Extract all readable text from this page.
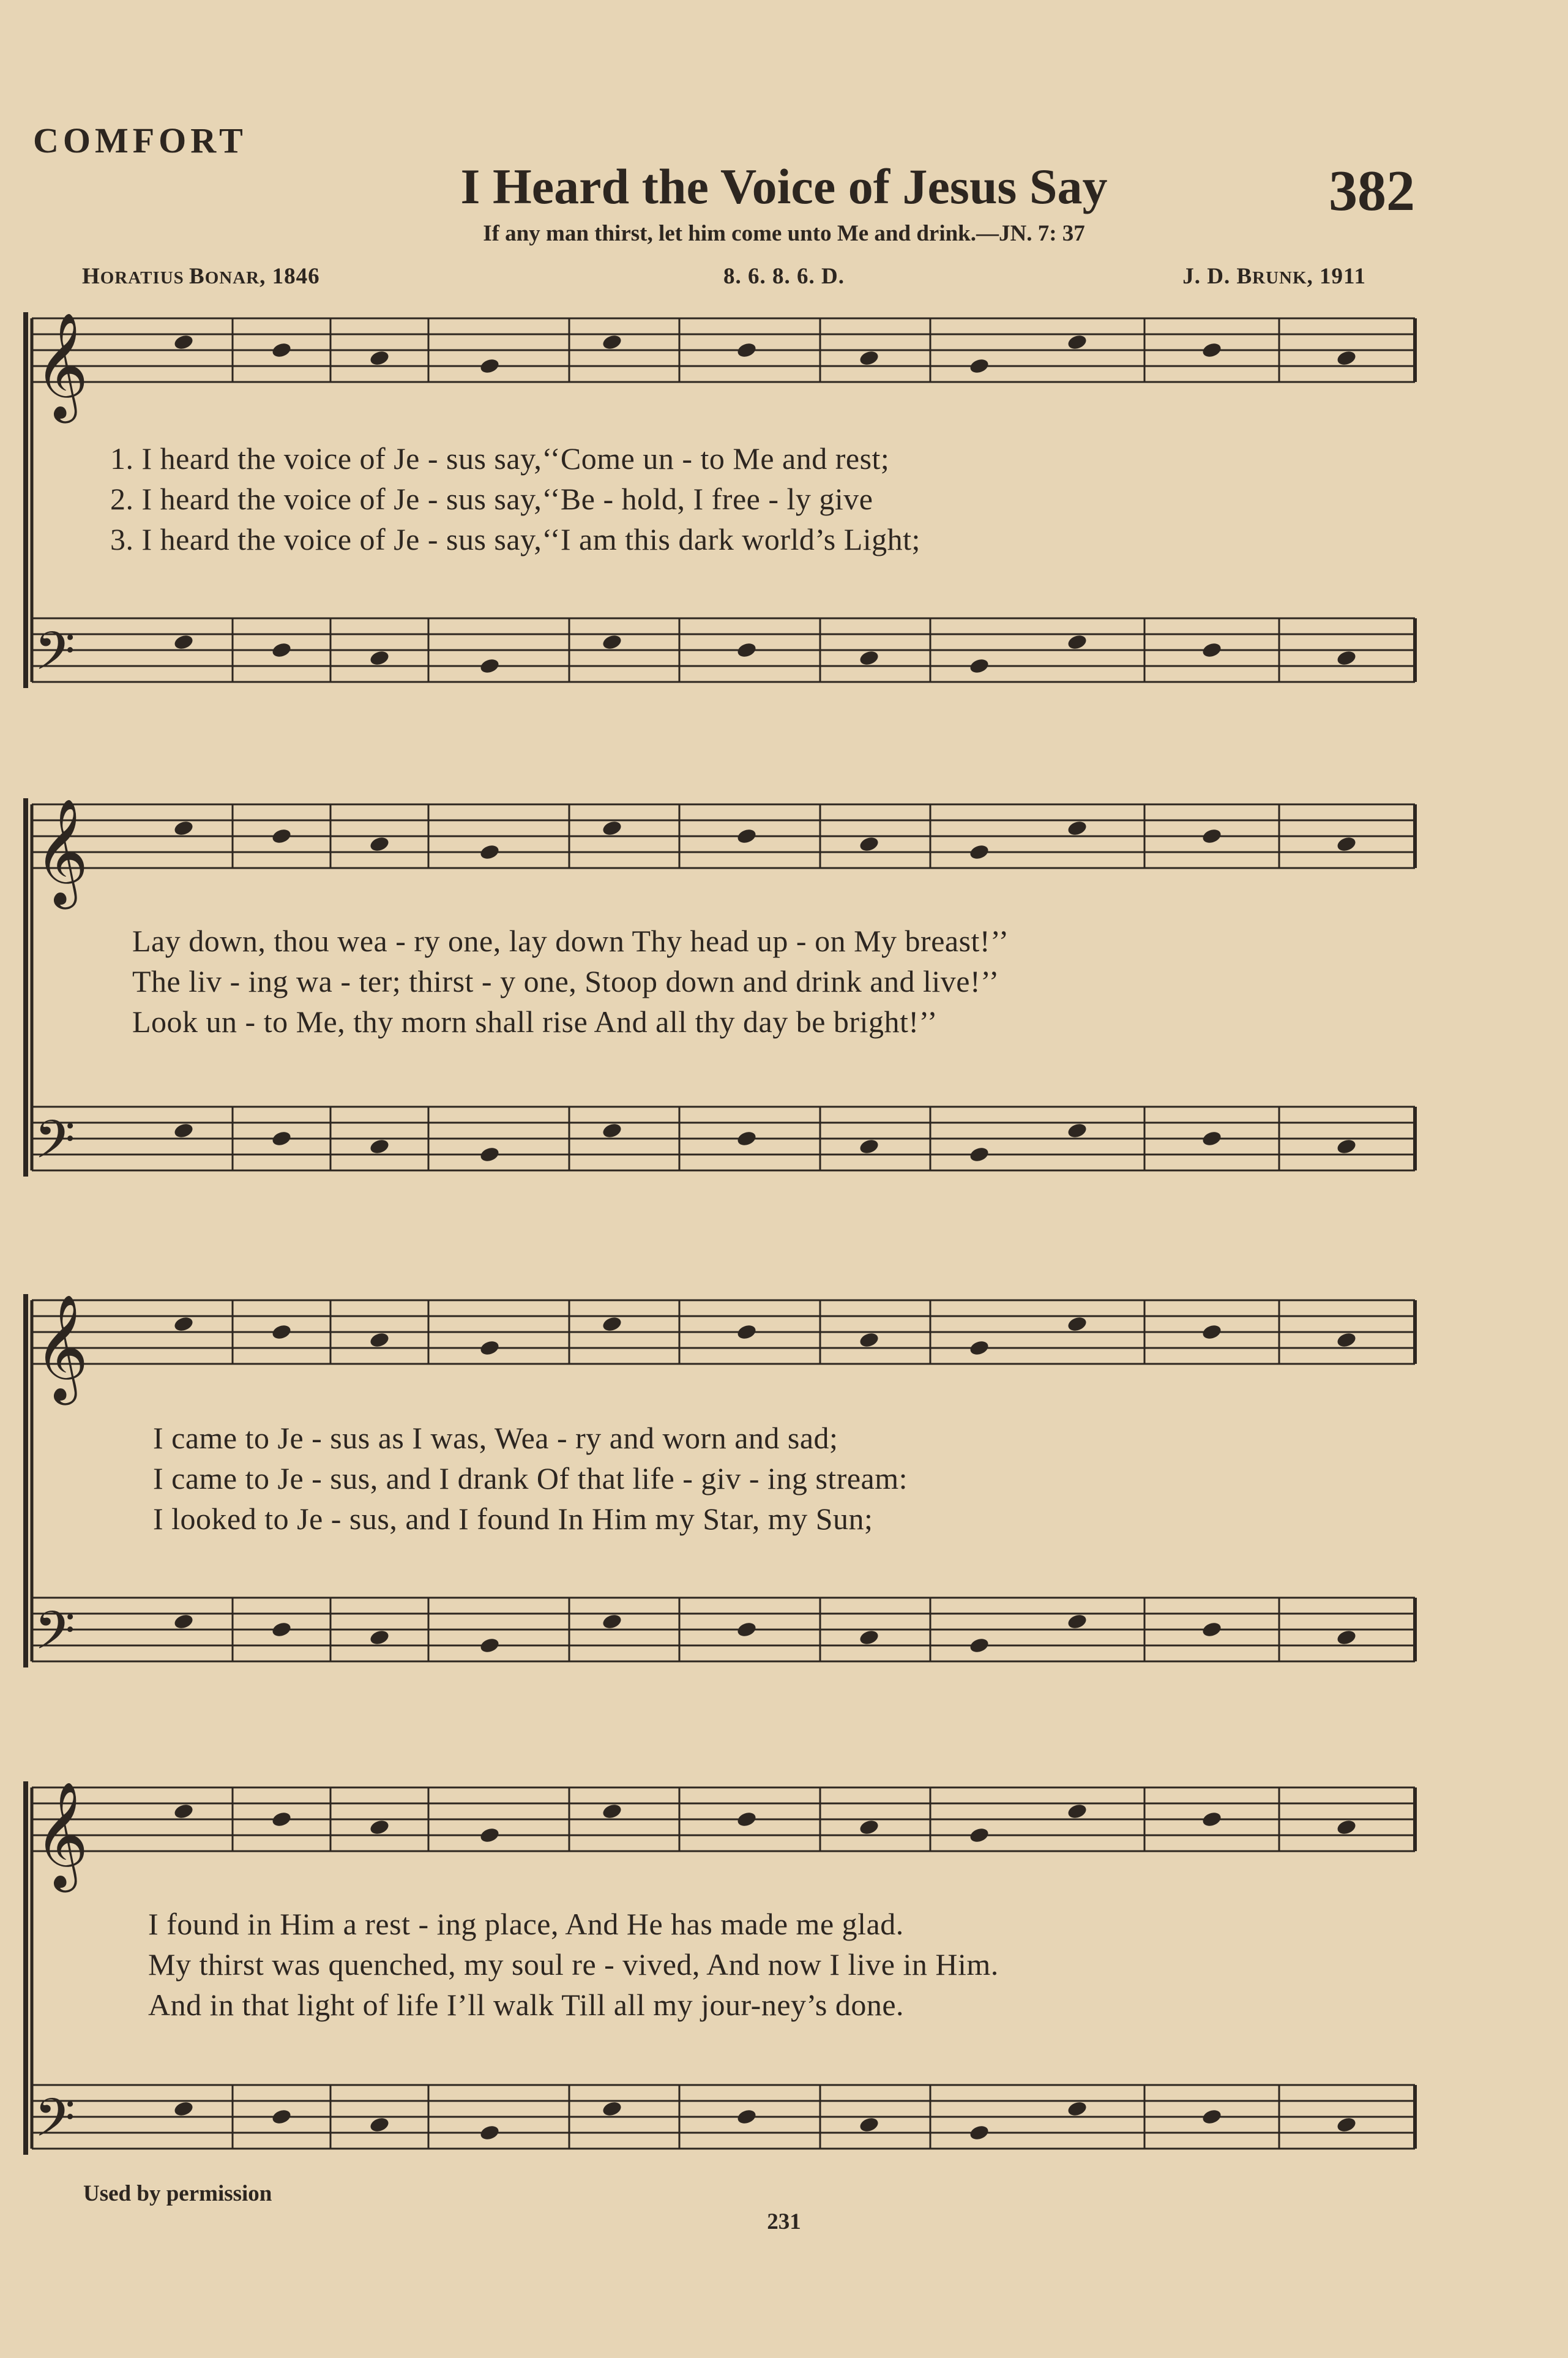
COMFORT
I Heard the Voice of Jesus Say	382
If any man thirst, let him come unto Me and drink.—JN. 7: 37
HORATIUS BONAR, 1846	8. 6. 8. 6. D.	J. D. BRUNK, 1911
𝄞
𝄢
𝄞
𝄢
𝄞
𝄢
𝄞
𝄢
1. I heard the voice of Je - sus say,‘‘Come un - to Me and rest;
2. I heard the voice of Je - sus say,‘‘Be - hold, I free - ly give
3. I heard the voice of Je - sus say,‘‘I am this dark world’s Light;
Lay down, thou wea - ry one, lay down Thy head up - on My breast!’’
The liv - ing wa - ter; thirst - y one, Stoop down and drink and live!’’
Look un - to Me, thy morn shall rise And all thy day be bright!’’
I came to Je - sus as I was, Wea - ry and worn and sad;
I came to Je - sus, and I drank Of that life - giv - ing stream:
I looked to Je - sus, and I found In Him my Star, my Sun;
I found in Him a rest - ing place, And He has made me glad.
My thirst was quenched, my soul re - vived, And now I live in Him.
And in that light of life I’ll walk Till all my jour-ney’s done.
Used by permission
231
